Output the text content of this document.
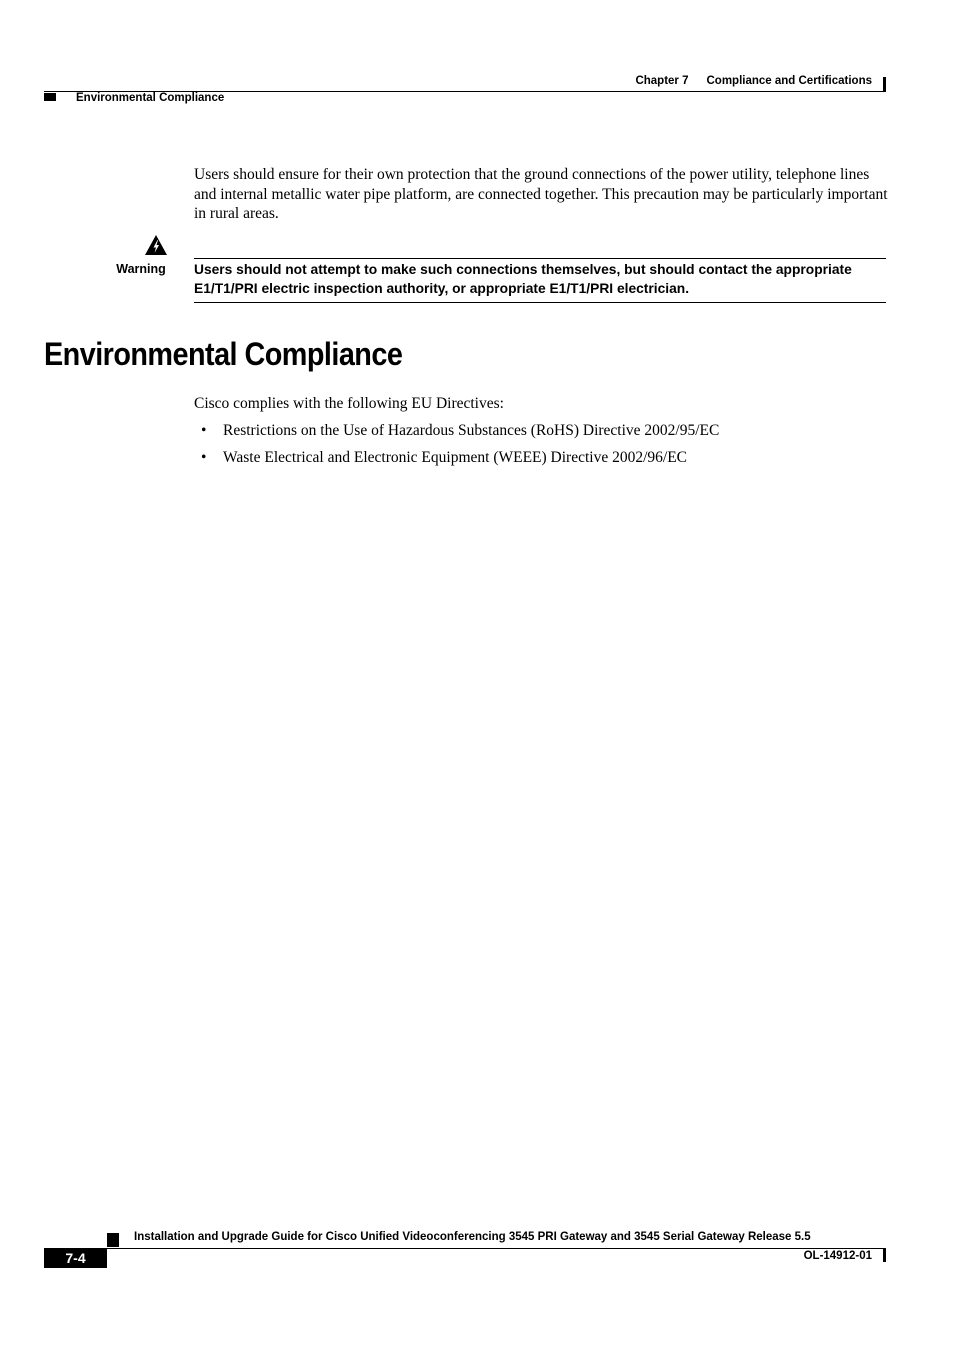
Chapter 7 Compliance and Certifications
Environmental Compliance
Users should ensure for their own protection that the ground connections of the power utility, telephone lines and internal metallic water pipe platform, are connected together. This precaution may be particularly important in rural areas.
Warning	Users should not attempt to make such connections themselves, but should contact the appropriate E1/T1/PRI electric inspection authority, or appropriate E1/T1/PRI electrician.
Environmental Compliance
Cisco complies with the following EU Directives:
• Restrictions on the Use of Hazardous Substances (RoHS) Directive 2002/95/EC
• Waste Electrical and Electronic Equipment (WEEE) Directive 2002/96/EC
Installation and Upgrade Guide for Cisco Unified Videoconferencing 3545 PRI Gateway and 3545 Serial Gateway Release 5.5
7-4	OL-14912-01
